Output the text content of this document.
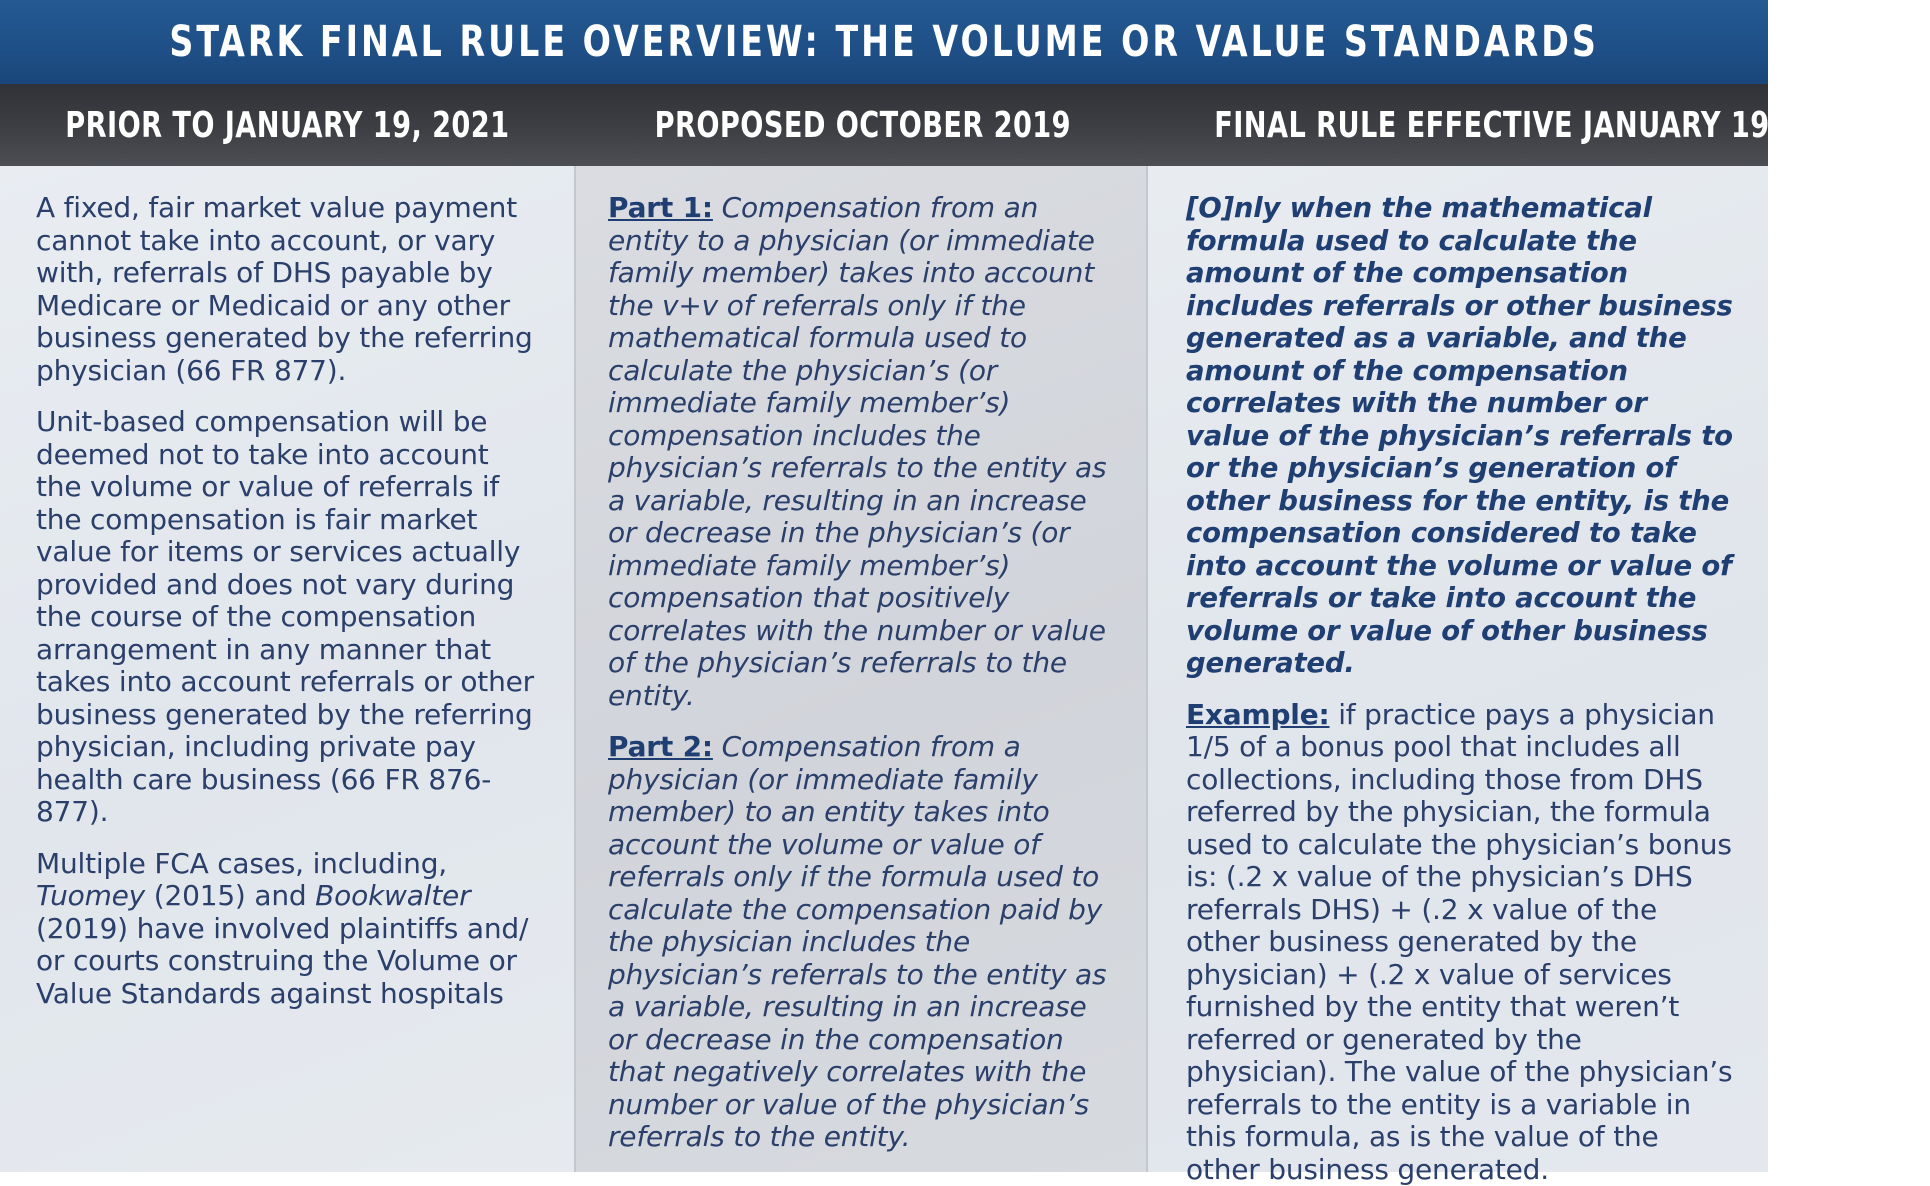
STARK FINAL RULE OVERVIEW: THE VOLUME OR VALUE STANDARDS
PRIOR TO JANUARY 19, 2021	PROPOSED OCTOBER 2019	FINAL RULE EFFECTIVE JANUARY 19, 2021

A fixed, fair market value payment cannot take into account, or vary with, referrals of DHS payable by Medicare or Medicaid or any other business generated by the referring physician (66 FR 877).

Unit-based compensation will be deemed not to take into account the volume or value of referrals if the compensation is fair market value for items or services actually provided and does not vary during the course of the compensation arrangement in any manner that takes into account referrals or other business generated by the referring physician, including private pay health care business (66 FR 876-877).

Multiple FCA cases, including, Tuomey (2015) and Bookwalter (2019) have involved plaintiffs and/ or courts construing the Volume or Value Standards against hospitals

Part 1: Compensation from an entity to a physician (or immediate family member) takes into account the v+v of referrals only if the mathematical formula used to calculate the physician’s (or immediate family member’s) compensation includes the physician’s referrals to the entity as a variable, resulting in an increase or decrease in the physician’s (or immediate family member’s) compensation that positively correlates with the number or value of the physician’s referrals to the entity.

Part 2: Compensation from a physician (or immediate family member) to an entity takes into account the volume or value of referrals only if the formula used to calculate the compensation paid by the physician includes the physician’s referrals to the entity as a variable, resulting in an increase or decrease in the compensation that negatively correlates with the number or value of the physician’s referrals to the entity.

[O]nly when the mathematical formula used to calculate the amount of the compensation includes referrals or other business generated as a variable, and the amount of the compensation correlates with the number or value of the physician’s referrals to or the physician’s generation of other business for the entity, is the compensation considered to take into account the volume or value of referrals or take into account the volume or value of other business generated.

Example: if practice pays a physician 1/5 of a bonus pool that includes all collections, including those from DHS referred by the physician, the formula used to calculate the physician’s bonus is: (.2 x value of the physician’s DHS referrals DHS) + (.2 x value of the other business generated by the physician) + (.2 x value of services furnished by the entity that weren’t referred or generated by the physician). The value of the physician’s referrals to the entity is a variable in this formula, as is the value of the other business generated.
